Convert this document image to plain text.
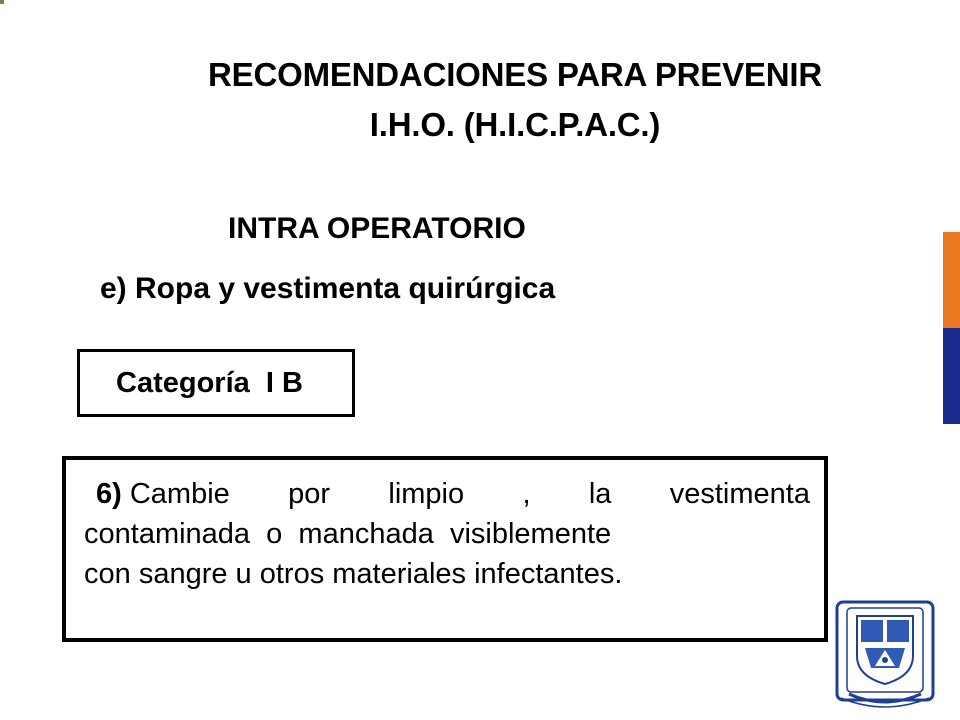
RECOMENDACIONES PARA PREVENIR
I.H.O. (H.I.C.P.A.C.)
INTRA OPERATORIO
e) Ropa y vestimenta quirúrgica
Categoría  I B
6) Cambie por limpio , la vestimenta
contaminada  o  manchada  visiblemente
con sangre u otros materiales infectantes.
